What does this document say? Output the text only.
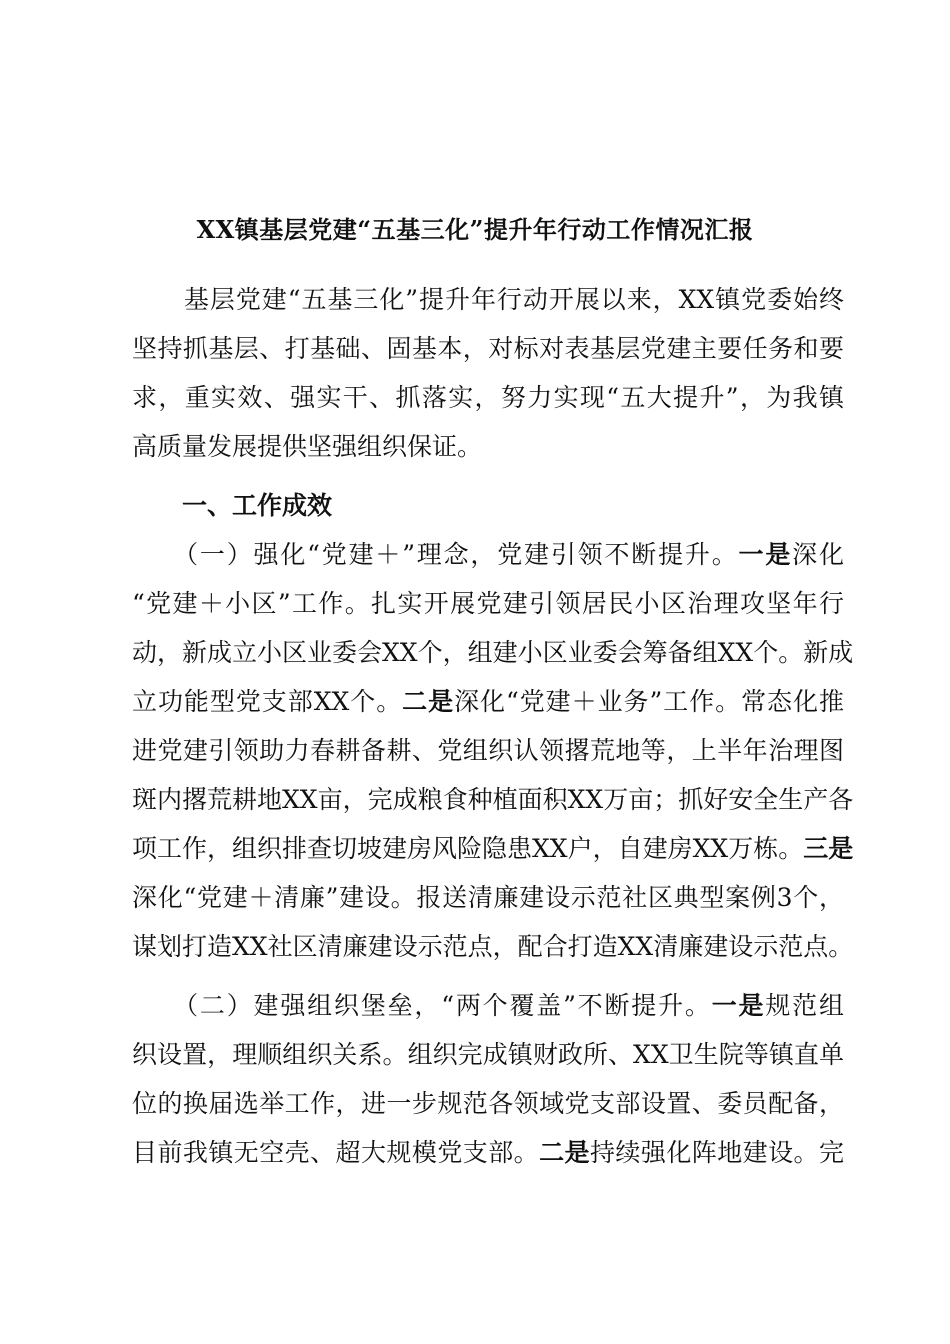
XX镇基层党建“五基三化”提升年行动工作情况汇报
　　基层党建“五基三化”提升年行动开展以来，XX镇党委始终
坚持抓基层、打基础、固基本，对标对表基层党建主要任务和要
求，重实效、强实干、抓落实，努力实现“五大提升”，为我镇
高质量发展提供坚强组织保证。
　　一、工作成效
　　（一）强化“党建＋”理念，党建引领不断提升。一是深化
“党建＋小区”工作。扎实开展党建引领居民小区治理攻坚年行
动，新成立小区业委会XX个，组建小区业委会筹备组XX个。新成
立功能型党支部XX个。二是深化“党建＋业务”工作。常态化推
进党建引领助力春耕备耕、党组织认领撂荒地等，上半年治理图
斑内撂荒耕地XX亩，完成粮食种植面积XX万亩；抓好安全生产各
项工作，组织排查切坡建房风险隐患XX户，自建房XX万栋。三是
深化“党建＋清廉”建设。报送清廉建设示范社区典型案例3个，
谋划打造XX社区清廉建设示范点，配合打造XX清廉建设示范点。
　　（二）建强组织堡垒，“两个覆盖”不断提升。一是规范组
织设置，理顺组织关系。组织完成镇财政所、XX卫生院等镇直单
位的换届选举工作，进一步规范各领域党支部设置、委员配备，
目前我镇无空壳、超大规模党支部。二是持续强化阵地建设。完
